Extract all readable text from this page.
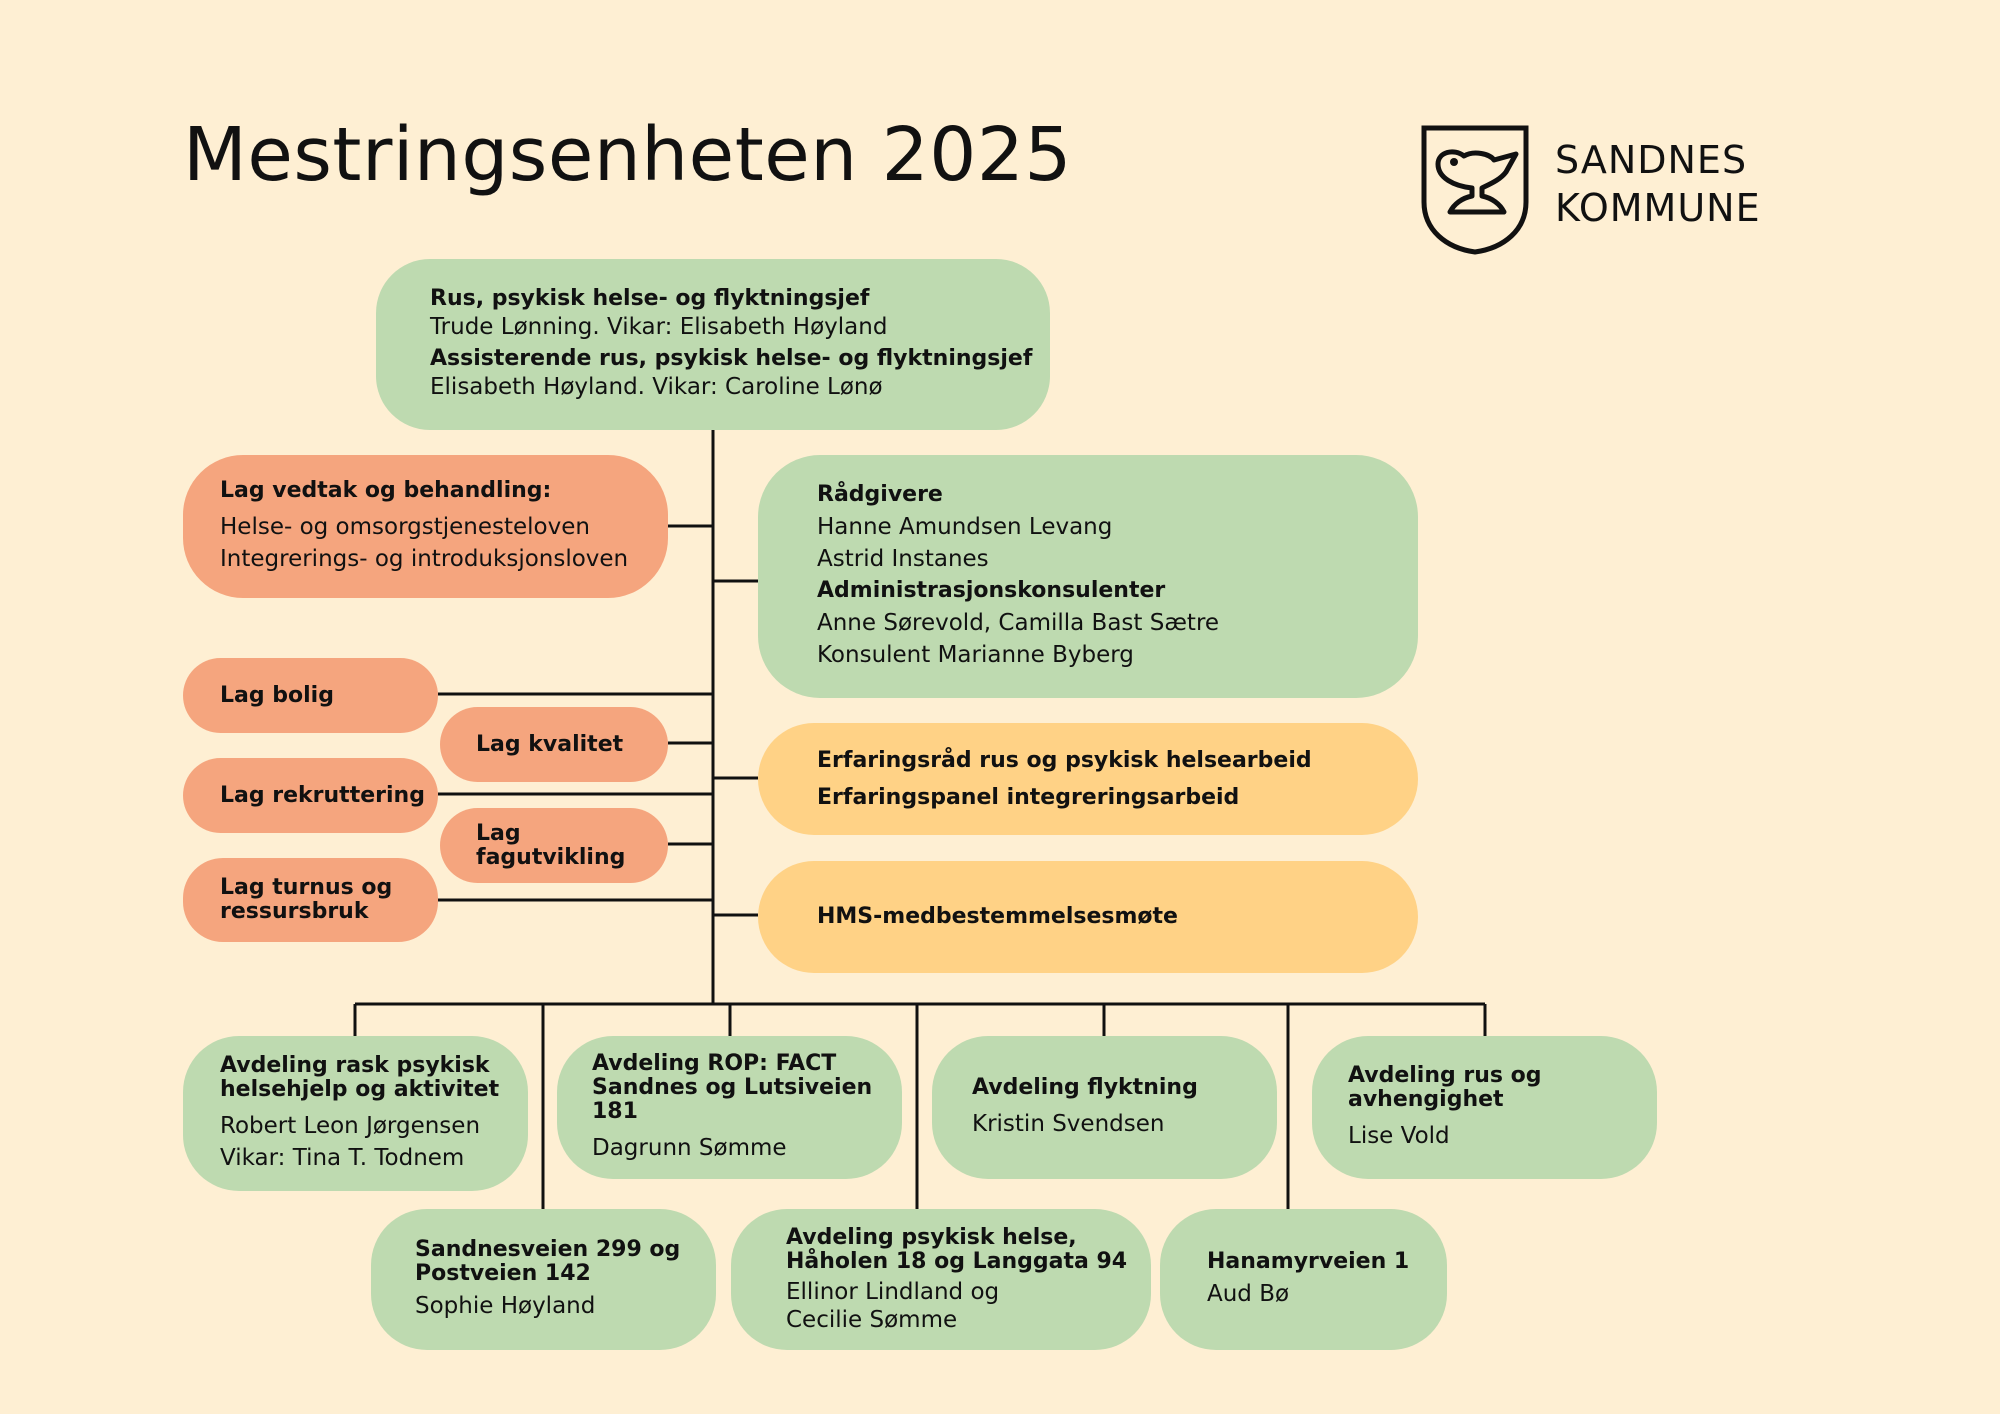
Mestringsenheten 2025	SANDNES
KOMMUNE
Rus, psykisk helse- og flyktningsjef
Trude Lønning. Vikar: Elisabeth Høyland
Assisterende rus, psykisk helse- og flyktningsjef
Elisabeth Høyland. Vikar: Caroline Lønø
Lag vedtak og behandling:
Helse- og omsorgstjenesteloven
Integrerings- og introduksjonsloven
Lag bolig
Lag kvalitet
Lag rekruttering
Lag fagutvikling
Lag turnus og
ressursbruk
Rådgivere
Hanne Amundsen Levang
Astrid Instanes
Administrasjonskonsulenter
Anne Sørevold, Camilla Bast Sætre
Konsulent Marianne Byberg
Erfaringsråd rus og psykisk helsearbeid
Erfaringspanel integreringsarbeid
HMS-medbestemmelsesmøte
Avdeling rask psykisk
helsehjelp og aktivitet
Robert Leon Jørgensen
Vikar: Tina T. Todnem
Avdeling ROP: FACT
Sandnes og Lutsiveien 181
Dagrunn Sømme
Avdeling flyktning
Kristin Svendsen
Avdeling rus og
avhengighet
Lise Vold
Sandnesveien 299 og
Postveien 142
Sophie Høyland
Avdeling psykisk helse,
Håholen 18 og Langgata 94
Ellinor Lindland og
Cecilie Sømme
Hanamyrveien 1
Aud Bø
